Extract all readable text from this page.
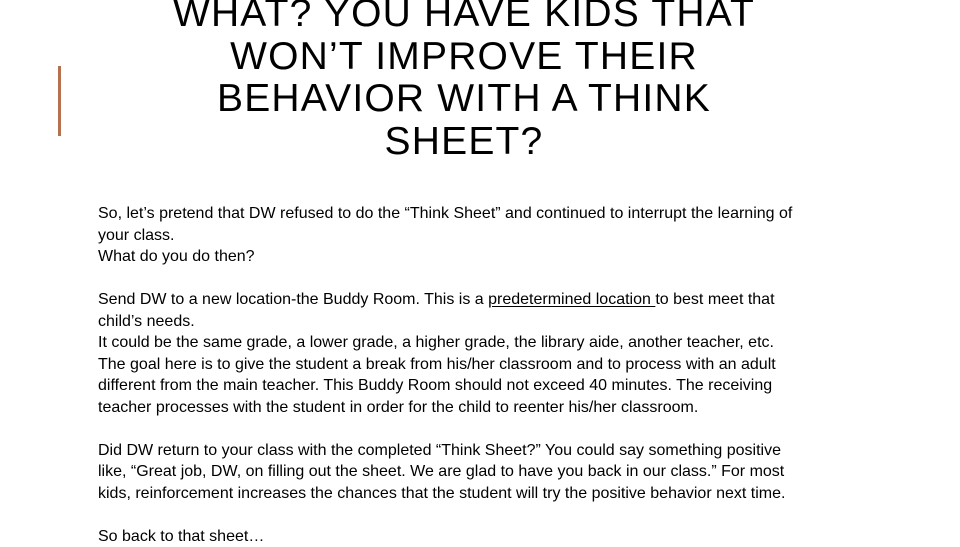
WHAT? YOU HAVE KIDS THAT
WON’T IMPROVE THEIR
BEHAVIOR WITH A THINK
SHEET?
So, let’s pretend that DW refused to do the “Think Sheet” and continued to interrupt the learning of
your class.
What do you do then?
Send DW to a new location-the Buddy Room. This is a predetermined location to best meet that
child’s needs.
It could be the same grade, a lower grade, a higher grade, the library aide, another teacher, etc.
The goal here is to give the student a break from his/her classroom and to process with an adult
different from the main teacher. This Buddy Room should not exceed 40 minutes. The receiving
teacher processes with the student in order for the child to reenter his/her classroom.
Did DW return to your class with the completed “Think Sheet?” You could say something positive
like, “Great job, DW, on filling out the sheet. We are glad to have you back in our class.” For most
kids, reinforcement increases the chances that the student will try the positive behavior next time.
So back to that sheet…
